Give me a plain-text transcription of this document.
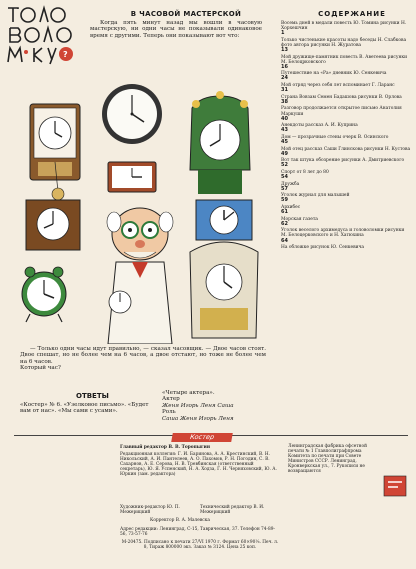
?
В ЧАСОВОЙ МАСТЕРСКОЙ
Когда пять минут назад мы вошли в часовую мастерскую, ни одни часы не показывали одинаковое время с другими. Теперь они показывают вот что:
— Только одни часы идут правильно, — сказал часовщик. — Двое часов стоят. Двое спешат, но не более чем на 6 часов, а двое отстают, но тоже не более чем на 6 часов.
Который час?
ОТВЕТЫ
«Костер» № 6. «Узелковое письмо». «Будет вам от нас». «Мы сами с усами».
«Четыре актера».
Актер
Женя Игорь Леня Саша
Роль
Саша Женя Игорь Леня
СОДЕРЖАНИЕ
Восемь дней в медали повесть Ю. Томина рисунки Н. Хорхешчин
1
Только чистенькие красоты надо беседы Н. Слабкова фото автора рисунки Н. Журатова
13
Мой дружище-памятник повесть В. Аветеева рисунки М. Белоцрковского
16
Путешествие на «Ра» дневник Ю. Сенкевича
24
Мой отряд через себя лет вспоминает Г. Ларанс
31
Страна Вовзам Семен Бадашова рисунки В. Орлова
38
Разговор продолжается открытое письмо Анатолия Маркуши
40
Анекдоты рассказ А. И. Куприна
43
Дом — прозрачные стены очерк В. Осинского
45
Мой отец рассказ Саши Глинскова рисунки Н. Кустова
49
Вот так штука обозрение рисунки А. Дмитриевского
52
Спорт от 8 лет до 80
54
Дружба
57
Уголок журнал для малышей
59
Архибес
61
Морская газета
62
Уголок веселого архимедуса и головоломки рисунки М. Белоцерковского и Н. Хатюхина
64
На обложке рисунок Ю. Сенкевича
Костер
Главный редактор В. В. Торопыгин
Редакционная коллегия: Г. И. Баринова, А. А. Крестинский, В. Н. Никольский, А. И. Пантелеев, А. О. Пахомов, Р. Н. Погодин, С. В. Сахарнов, А. Е. Серова, Н. В. Тревбинская (ответственный секретарь), Ю. Я. Успенский, Н. А. Ходза, Г. Н. Черняховский, Ю. А. Юркин (зам. редактора)
Художник-редактор Ю. П. Межерицкий
Технический редактор В. И. Межерицкий
Корректор В. А. Малевска
Адрес редакции: Ленинград, С-15, Таврическая, 37. Телефон 74-89-56, 73-57-76
М-20475. Подписано к печати 27/VI 1970 г. Формат 60×90⅛. Печ. л. 8, Тираж 800000 экз. Заказ № 3124. Цена 25 коп.
Ленинградская фабрика офсетной печати № 1 Главполиграфпрома Комитета по печати при Совете Министров СССР. Ленинград, Кронверкская ул., 7. Рукописи не возвращаются
